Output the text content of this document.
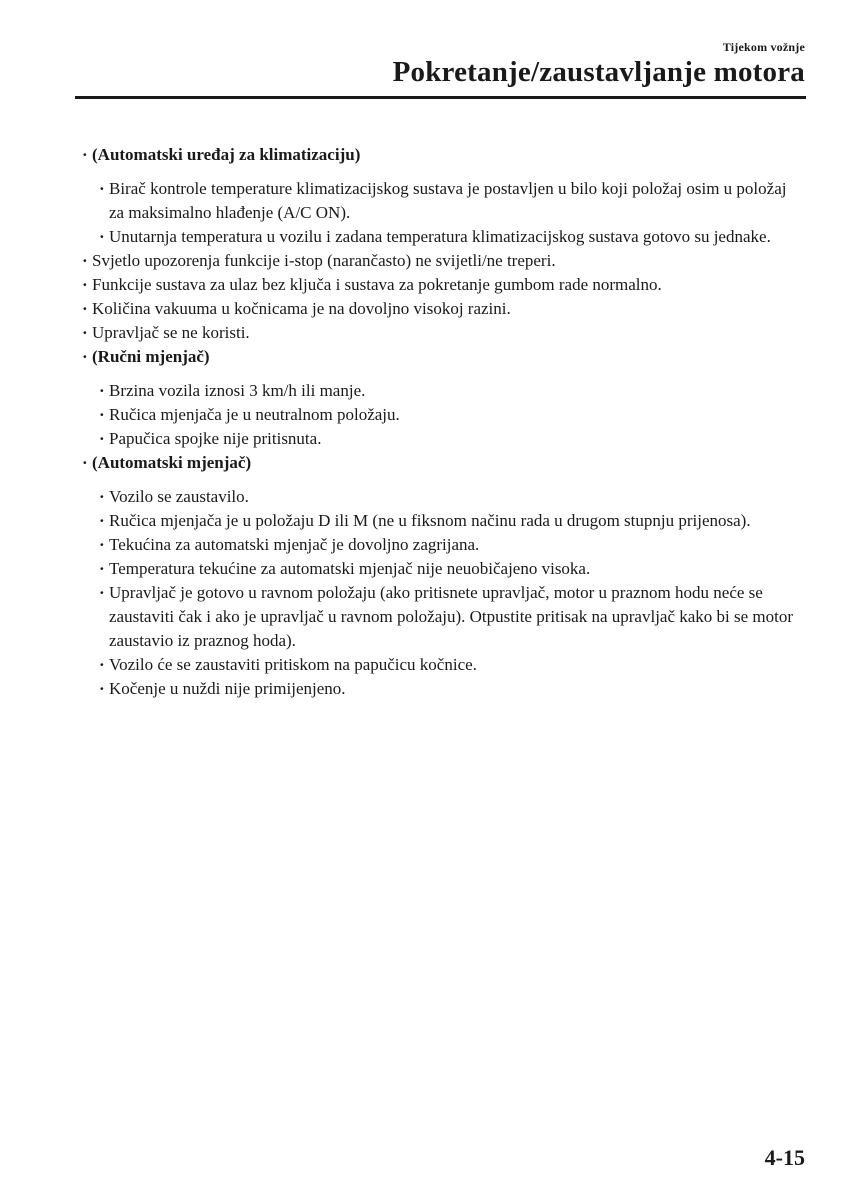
Tijekom vožnje
Pokretanje/zaustavljanje motora
· (Automatski uređaj za klimatizaciju)
· Birač kontrole temperature klimatizacijskog sustava je postavljen u bilo koji položaj osim u položaj za maksimalno hlađenje (A/C ON).
· Unutarnja temperatura u vozilu i zadana temperatura klimatizacijskog sustava gotovo su jednake.
· Svjetlo upozorenja funkcije i-stop (narančasto) ne svijetli/ne treperi.
· Funkcije sustava za ulaz bez ključa i sustava za pokretanje gumbom rade normalno.
· Količina vakuuma u kočnicama je na dovoljno visokoj razini.
· Upravljač se ne koristi.
· (Ručni mjenjač)
· Brzina vozila iznosi 3 km/h ili manje.
· Ručica mjenjača je u neutralnom položaju.
· Papučica spojke nije pritisnuta.
· (Automatski mjenjač)
· Vozilo se zaustavilo.
· Ručica mjenjača je u položaju D ili M (ne u fiksnom načinu rada u drugom stupnju prijenosa).
· Tekućina za automatski mjenjač je dovoljno zagrijana.
· Temperatura tekućine za automatski mjenjač nije neuobičajeno visoka.
· Upravljač je gotovo u ravnom položaju (ako pritisnete upravljač, motor u praznom hodu neće se zaustaviti čak i ako je upravljač u ravnom položaju). Otpustite pritisak na upravljač kako bi se motor zaustavio iz praznog hoda).
· Vozilo će se zaustaviti pritiskom na papučicu kočnice.
· Kočenje u nuždi nije primijenjeno.
4-15
